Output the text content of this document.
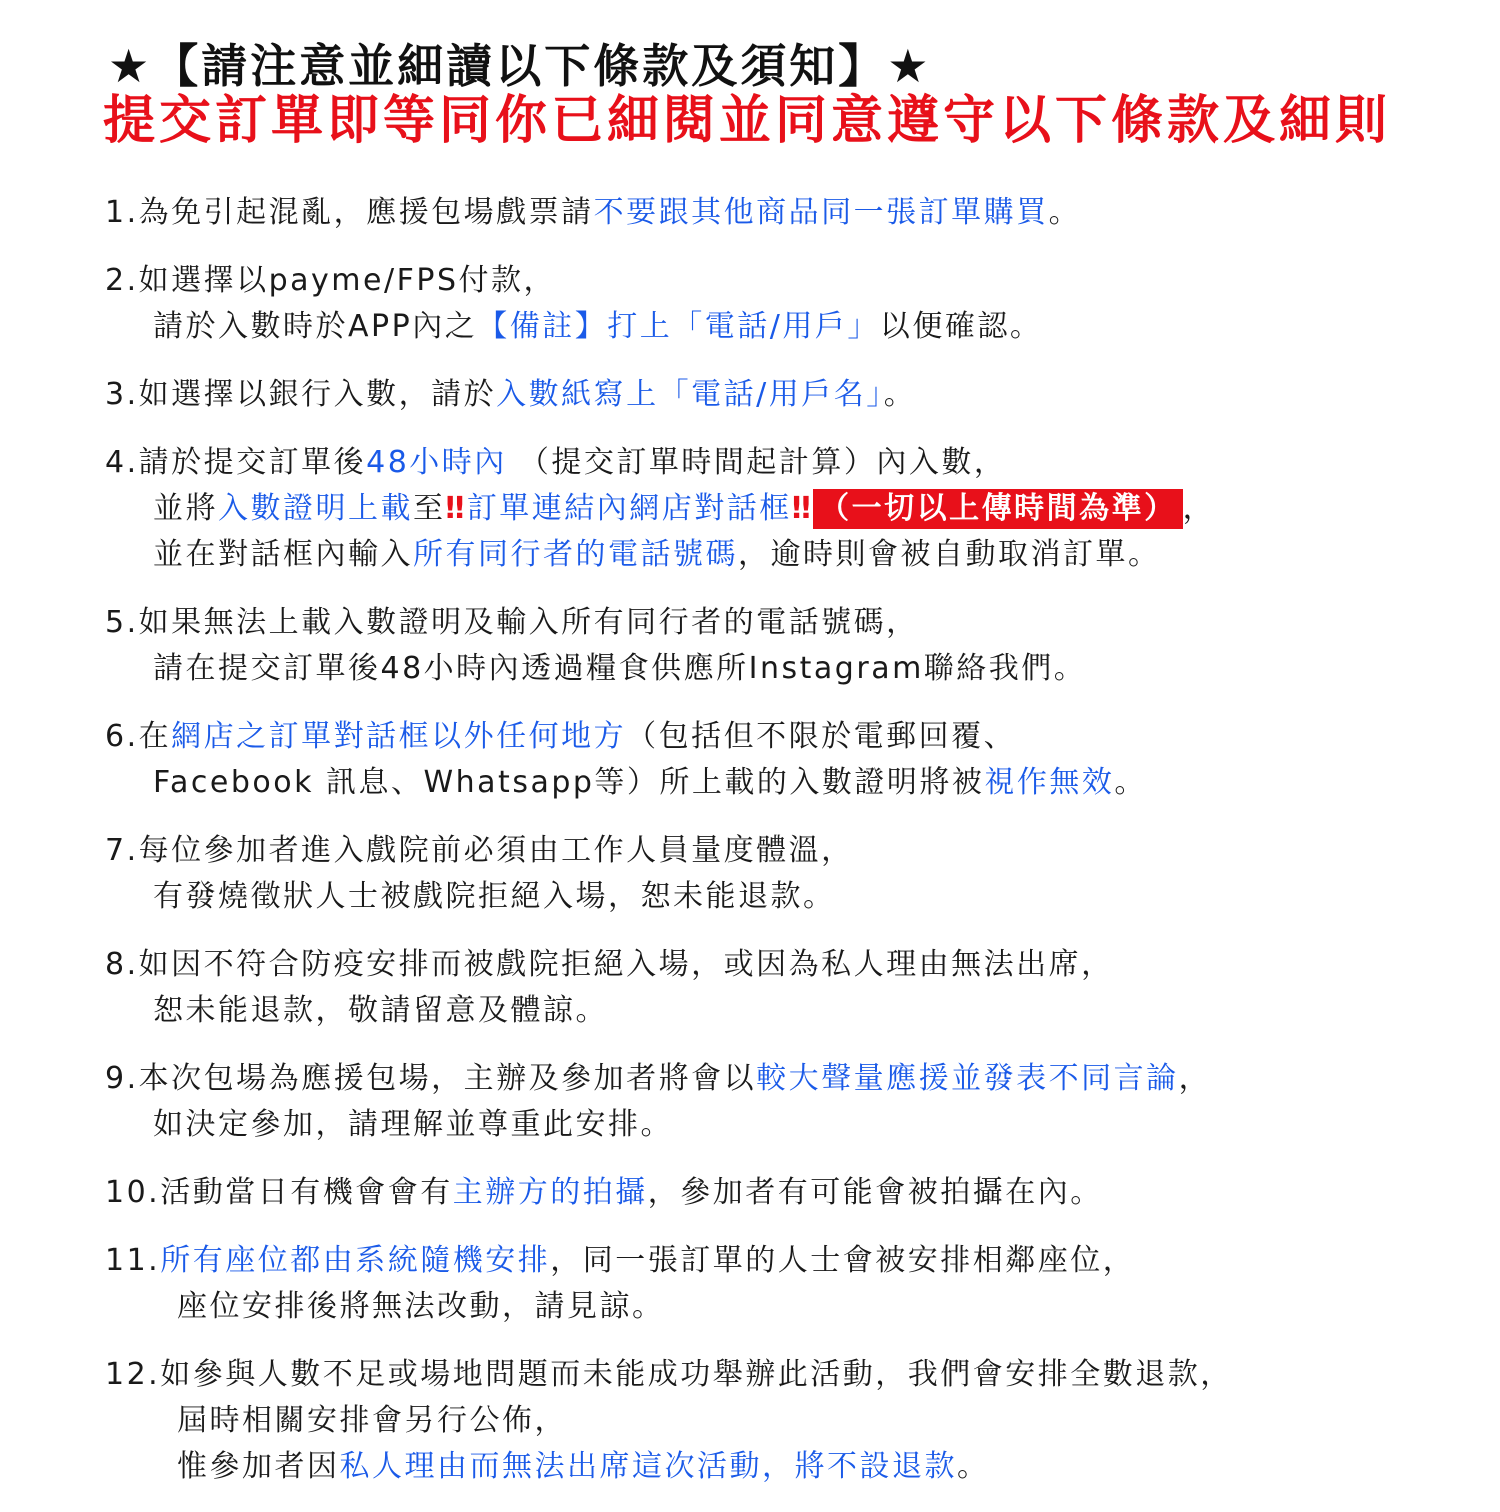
★【請注意並細讀以下條款及須知】★
提交訂單即等同你已細閱並同意遵守以下條款及細則
1.為免引起混亂，應援包場戲票請不要跟其他商品同一張訂單購買。
2.如選擇以payme/FPS付款，
請於入數時於APP內之【備註】打上「電話/用戶」以便確認。
3.如選擇以銀行入數，請於入數紙寫上「電話/用戶名」。
4.請於提交訂單後48小時內 （提交訂單時間起計算）內入數，
並將入數證明上載至‼訂單連結內網店對話框‼ （一切以上傳時間為準） ，
並在對話框內輸入所有同行者的電話號碼，逾時則會被自動取消訂單。
5.如果無法上載入數證明及輸入所有同行者的電話號碼，
請在提交訂單後48小時內透過糧食供應所Instagram聯絡我們。
6.在網店之訂單對話框以外任何地方（包括但不限於電郵回覆、
Facebook 訊息、Whatsapp等）所上載的入數證明將被視作無效。
7.每位參加者進入戲院前必須由工作人員量度體溫，
有發燒徵狀人士被戲院拒絕入場，恕未能退款。
8.如因不符合防疫安排而被戲院拒絕入場，或因為私人理由無法出席，
恕未能退款，敬請留意及體諒。
9.本次包場為應援包場，主辦及參加者將會以較大聲量應援並發表不同言論，
如決定參加，請理解並尊重此安排。
10.活動當日有機會會有主辦方的拍攝，參加者有可能會被拍攝在內。
11.所有座位都由系統隨機安排，同一張訂單的人士會被安排相鄰座位，
座位安排後將無法改動，請見諒。
12.如參與人數不足或場地問題而未能成功舉辦此活動，我們會安排全數退款，
屆時相關安排會另行公佈，
惟參加者因私人理由而無法出席這次活動，將不設退款。
